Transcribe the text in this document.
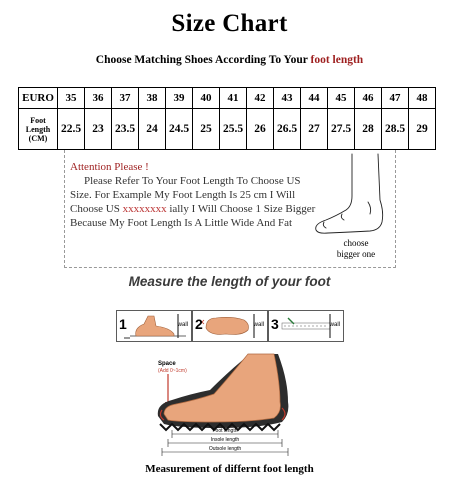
Size Chart
Choose Matching Shoes According To Your foot length
EURO	35	36	37	38	39	40	41	42	43	44	45	46	47	48
Foot
Length
(CM)	22.5	23	23.5	24	24.5	25	25.5	26	26.5	27	27.5	28	28.5	29
Attention Please !
Please Refer To Your Foot Length To Choose US Size. For Example My Foot Length Is 25 cm I Will Choose US xxxxxxxx ially I Will Choose 1 Size Bigger Because My Foot Length Is A Little Wide And Fat
choose
bigger one
Measure the length of your foot
1	wall 2	wall 3	wall
Space
(Add 0~1cm)
Foot length
Insole length
Outsole length
Measurement of differnt foot length
